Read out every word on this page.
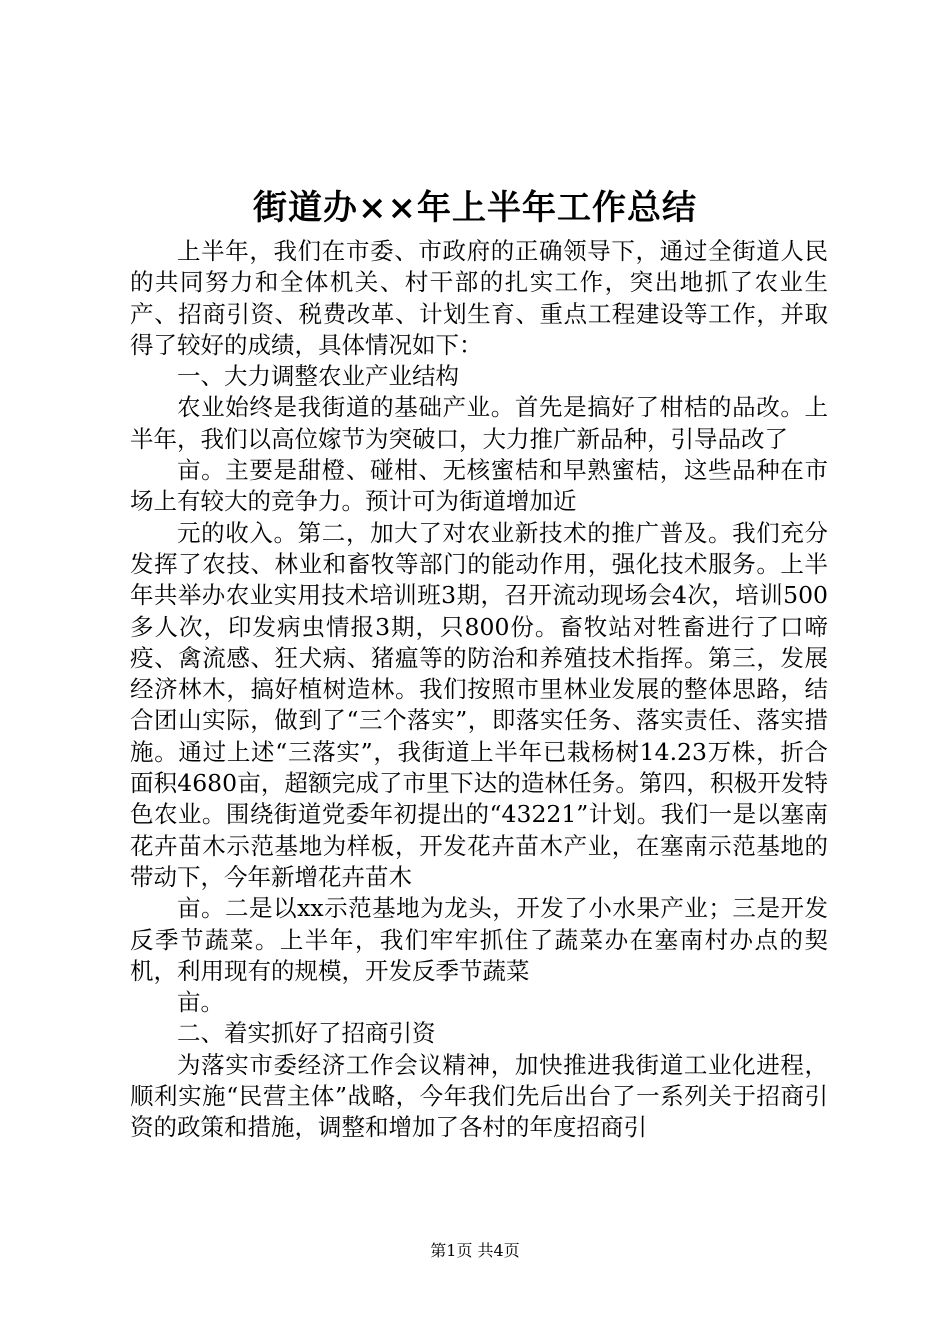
街道办××年上半年工作总结

上半年，我们在市委、市政府的正确领导下，通过全街道人民的共同努力和全体机关、村干部的扎实工作，突出地抓了农业生产、招商引资、税费改革、计划生育、重点工程建设等工作，并取得了较好的成绩，具体情况如下：

一、大力调整农业产业结构

农业始终是我街道的基础产业。首先是搞好了柑桔的品改。上半年，我们以高位嫁节为突破口，大力推广新品种，引导品改了

亩。主要是甜橙、碰柑、无核蜜桔和早熟蜜桔，这些品种在市场上有较大的竞争力。预计可为街道增加近

元的收入。第二，加大了对农业新技术的推广普及。我们充分发挥了农技、林业和畜牧等部门的能动作用，强化技术服务。上半年共举办农业实用技术培训班3期，召开流动现场会4次，培训500多人次，印发病虫情报3期，只800份。畜牧站对牲畜进行了口啼疫、禽流感、狂犬病、猪瘟等的防治和养殖技术指挥。第三，发展经济林木，搞好植树造林。我们按照市里林业发展的整体思路，结合团山实际，做到了“三个落实”，即落实任务、落实责任、落实措施。通过上述“三落实”，我街道上半年已栽杨树14.23万株，折合面积4680亩，超额完成了市里下达的造林任务。第四，积极开发特色农业。围绕街道党委年初提出的“43221”计划。我们一是以塞南花卉苗木示范基地为样板，开发花卉苗木产业，在塞南示范基地的带动下，今年新增花卉苗木

亩。二是以xx示范基地为龙头，开发了小水果产业；三是开发反季节蔬菜。上半年，我们牢牢抓住了蔬菜办在塞南村办点的契机，利用现有的规模，开发反季节蔬菜

亩。

二、着实抓好了招商引资

为落实市委经济工作会议精神，加快推进我街道工业化进程，顺利实施“民营主体”战略，今年我们先后出台了一系列关于招商引资的政策和措施，调整和增加了各村的年度招商引

第1页 共4页
